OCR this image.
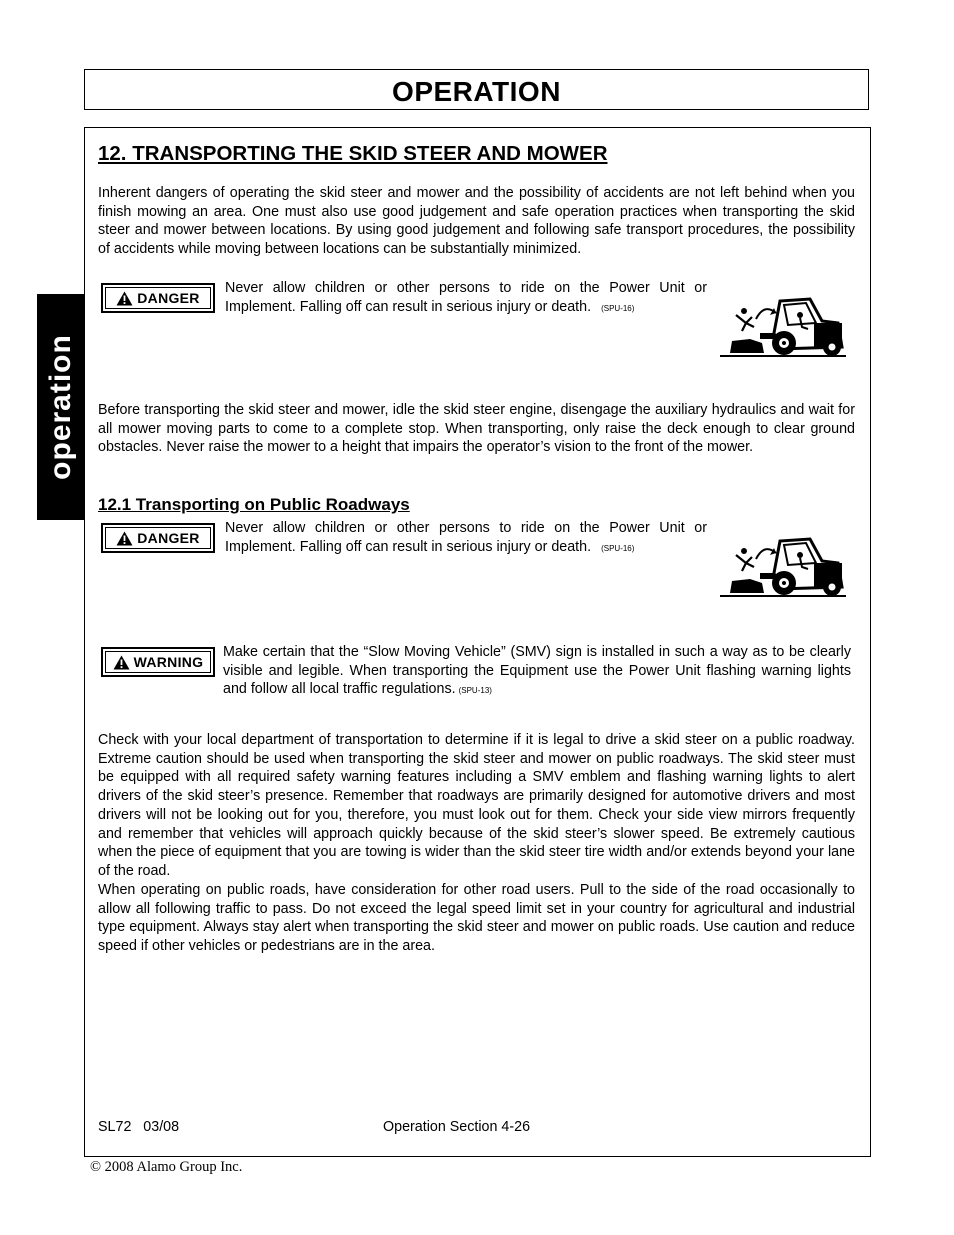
OPERATION
operation
12. TRANSPORTING THE SKID STEER AND MOWER
Inherent dangers of operating the skid steer and mower and the possibility of accidents are not left behind when you finish mowing an area. One must also use good judgement and safe operation practices when transporting the skid steer and mower between locations. By using good judgement and following safe transport procedures, the possibility of accidents while moving between locations can be substantially minimized.
DANGER
Never allow children or other persons to ride on the Power Unit or Implement. Falling off can result in serious injury or death. (SPU-16)
Before transporting the skid steer and mower, idle the skid steer engine, disengage the auxiliary hydraulics and wait for all mower moving parts to come to a complete stop. When transporting, only raise the deck enough to clear ground obstacles. Never raise the mower to a height that impairs the operator’s vision to the front of the mower.
12.1 Transporting on Public Roadways
DANGER
Never allow children or other persons to ride on the Power Unit or Implement. Falling off can result in serious injury or death. (SPU-16)
WARNING
Make certain that the “Slow Moving Vehicle” (SMV) sign is installed in such a way as to be clearly visible and legible. When transporting the Equipment use the Power Unit flashing warning lights and follow all local traffic regulations. (SPU-13)
Check with your local department of transportation to determine if it is legal to drive a skid steer on a public roadway. Extreme caution should be used when transporting the skid steer and mower on public roadways. The skid steer must be equipped with all required safety warning features including a SMV emblem and flashing warning lights to alert drivers of the skid steer’s presence. Remember that roadways are primarily designed for automotive drivers and most drivers will not be looking out for you, therefore, you must look out for them. Check your side view mirrors frequently and remember that vehicles will approach quickly because of the skid steer’s slower speed. Be extremely cautious when the piece of equipment that you are towing is wider than the skid steer tire width and/or extends beyond your lane of the road.
When operating on public roads, have consideration for other road users. Pull to the side of the road occasionally to allow all following traffic to pass. Do not exceed the legal speed limit set in your country for agricultural and industrial type equipment. Always stay alert when transporting the skid steer and mower on public roads. Use caution and reduce speed if other vehicles or pedestrians are in the area.
SL72   03/08	Operation Section 4-26
© 2008 Alamo Group Inc.
